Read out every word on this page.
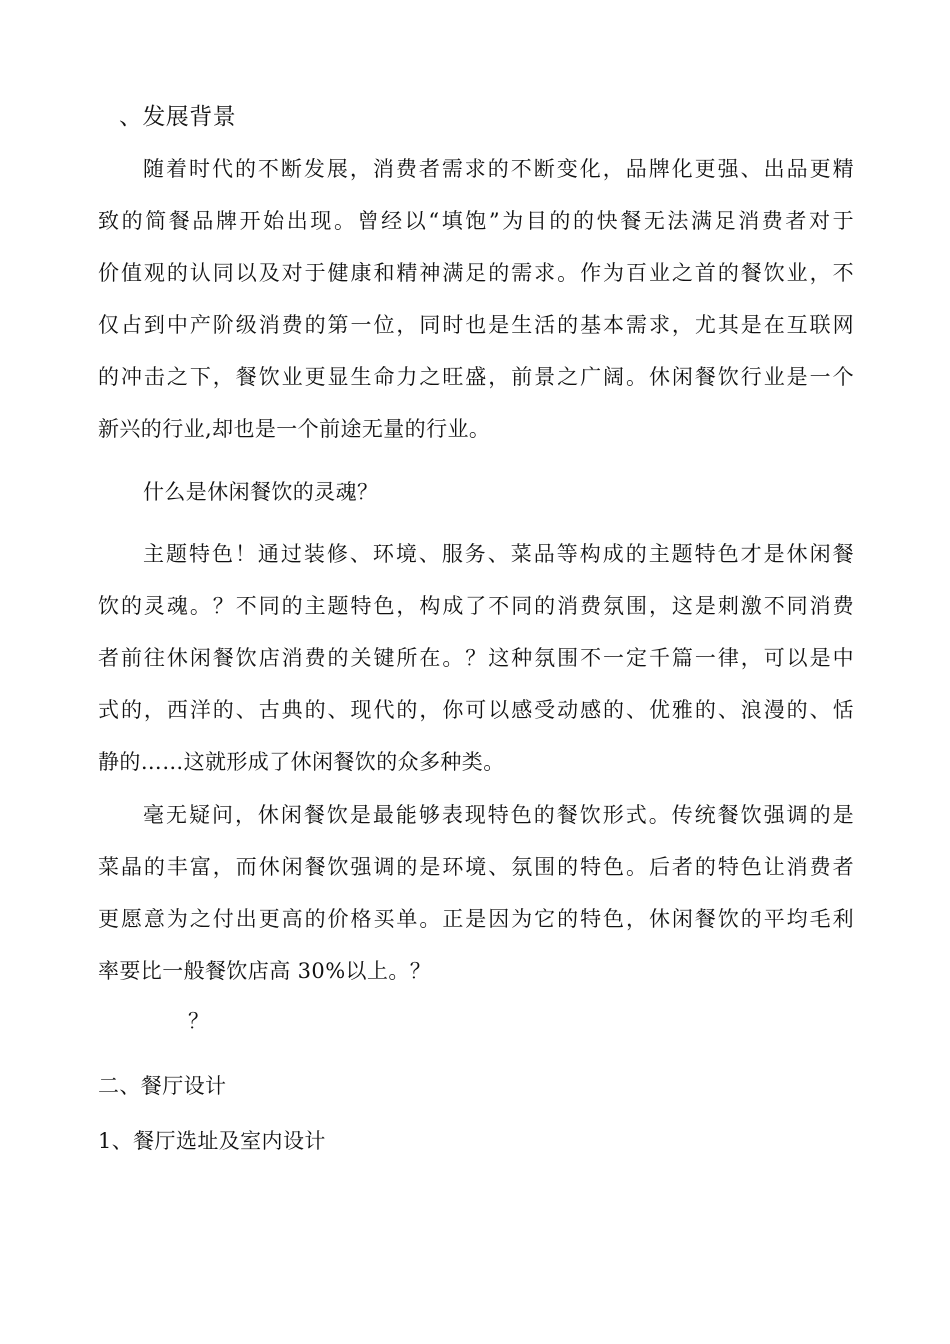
、发展背景
随着时代的不断发展，消费者需求的不断变化，品牌化更强、出品更精
致的简餐品牌开始出现。曾经以“填饱”为目的的快餐无法满足消费者对于
价值观的认同以及对于健康和精神满足的需求。作为百业之首的餐饮业，不
仅占到中产阶级消费的第一位，同时也是生活的基本需求，尤其是在互联网
的冲击之下，餐饮业更显生命力之旺盛，前景之广阔。休闲餐饮行业是一个
新兴的行业,却也是一个前途无量的行业。
什么是休闲餐饮的灵魂？
主题特色！通过装修、环境、服务、菜品等构成的主题特色才是休闲餐
饮的灵魂。？不同的主题特色，构成了不同的消费氛围，这是刺激不同消费
者前往休闲餐饮店消费的关键所在。？这种氛围不一定千篇一律，可以是中
式的，西洋的、古典的、现代的，你可以感受动感的、优雅的、浪漫的、恬
静的……这就形成了休闲餐饮的众多种类。
毫无疑问，休闲餐饮是最能够表现特色的餐饮形式。传统餐饮强调的是
菜晶的丰富，而休闲餐饮强调的是环境、氛围的特色。后者的特色让消费者
更愿意为之付出更高的价格买单。正是因为它的特色，休闲餐饮的平均毛利
率要比一般餐饮店高 30%以上。？
？
二、餐厅设计
1、餐厅选址及室内设计
